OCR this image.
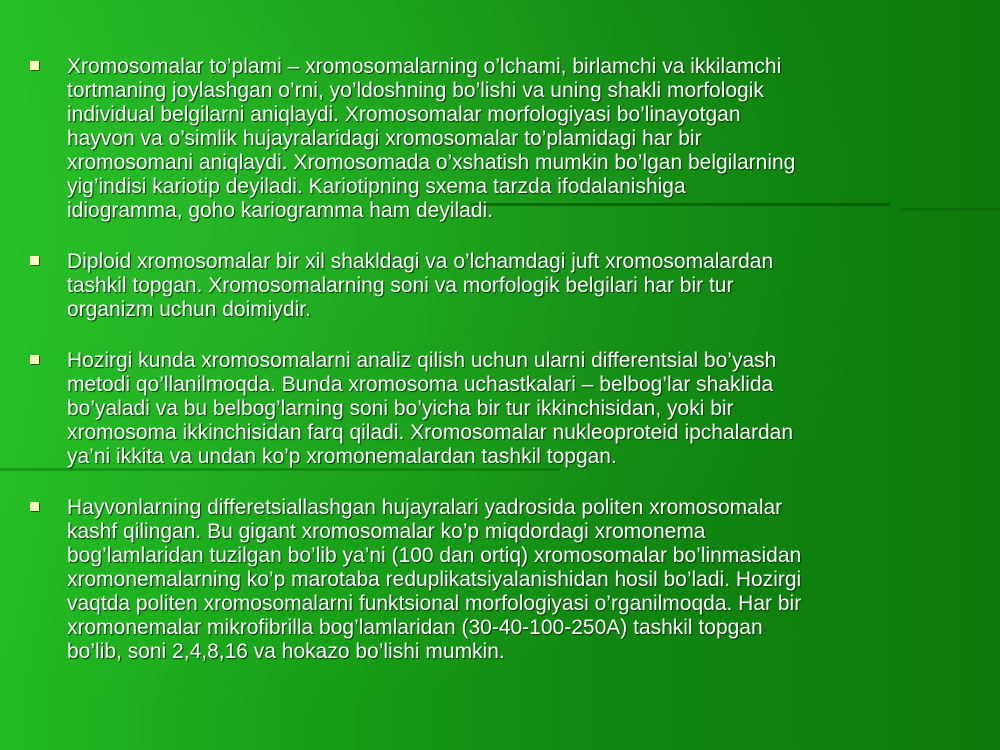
Xromosomalar to’plami – xromosomalarning o’lchami, birlamchi va ikkilamchi
tortmaning joylashgan o’rni, yo’ldoshning bo’lishi va uning shakli morfologik
individual belgilarni aniqlaydi. Xromosomalar morfologiyasi bo’linayotgan
hayvon va o’simlik hujayralaridagi xromosomalar to’plamidagi har bir
xromosomani aniqlaydi. Xromosomada o’xshatish mumkin bo’lgan belgilarning
yig’indisi kariotip deyiladi. Kariotipning sxema tarzda ifodalanishiga
idiogramma, goho kariogramma ham deyiladi.
Diploid xromosomalar bir xil shakldagi va o’lchamdagi juft xromosomalardan
tashkil topgan. Xromosomalarning soni va morfologik belgilari har bir tur
organizm uchun doimiydir.
Hozirgi kunda xromosomalarni analiz qilish uchun ularni differentsial bo’yash
metodi qo’llanilmoqda. Bunda xromosoma uchastkalari – belbog’lar shaklida
bo’yaladi va bu belbog’larning soni bo’yicha bir tur ikkinchisidan, yoki bir
xromosoma ikkinchisidan farq qiladi. Xromosomalar nukleoproteid ipchalardan
ya’ni ikkita va undan ko’p xromonemalardan tashkil topgan.
Hayvonlarning differetsiallashgan hujayralari yadrosida politen xromosomalar
kashf qilingan. Bu gigant xromosomalar ko’p miqdordagi xromonema
bog’lamlaridan tuzilgan bo’lib ya’ni (100 dan ortiq) xromosomalar bo’linmasidan
xromonemalarning ko’p marotaba reduplikatsiyalanishidan hosil bo’ladi. Hozirgi
vaqtda politen xromosomalarni funktsional morfologiyasi o’rganilmoqda. Har bir
xromonemalar mikrofibrilla bog’lamlaridan (30-40-100-250A) tashkil topgan
bo’lib, soni 2,4,8,16 va hokazo bo’lishi mumkin.
